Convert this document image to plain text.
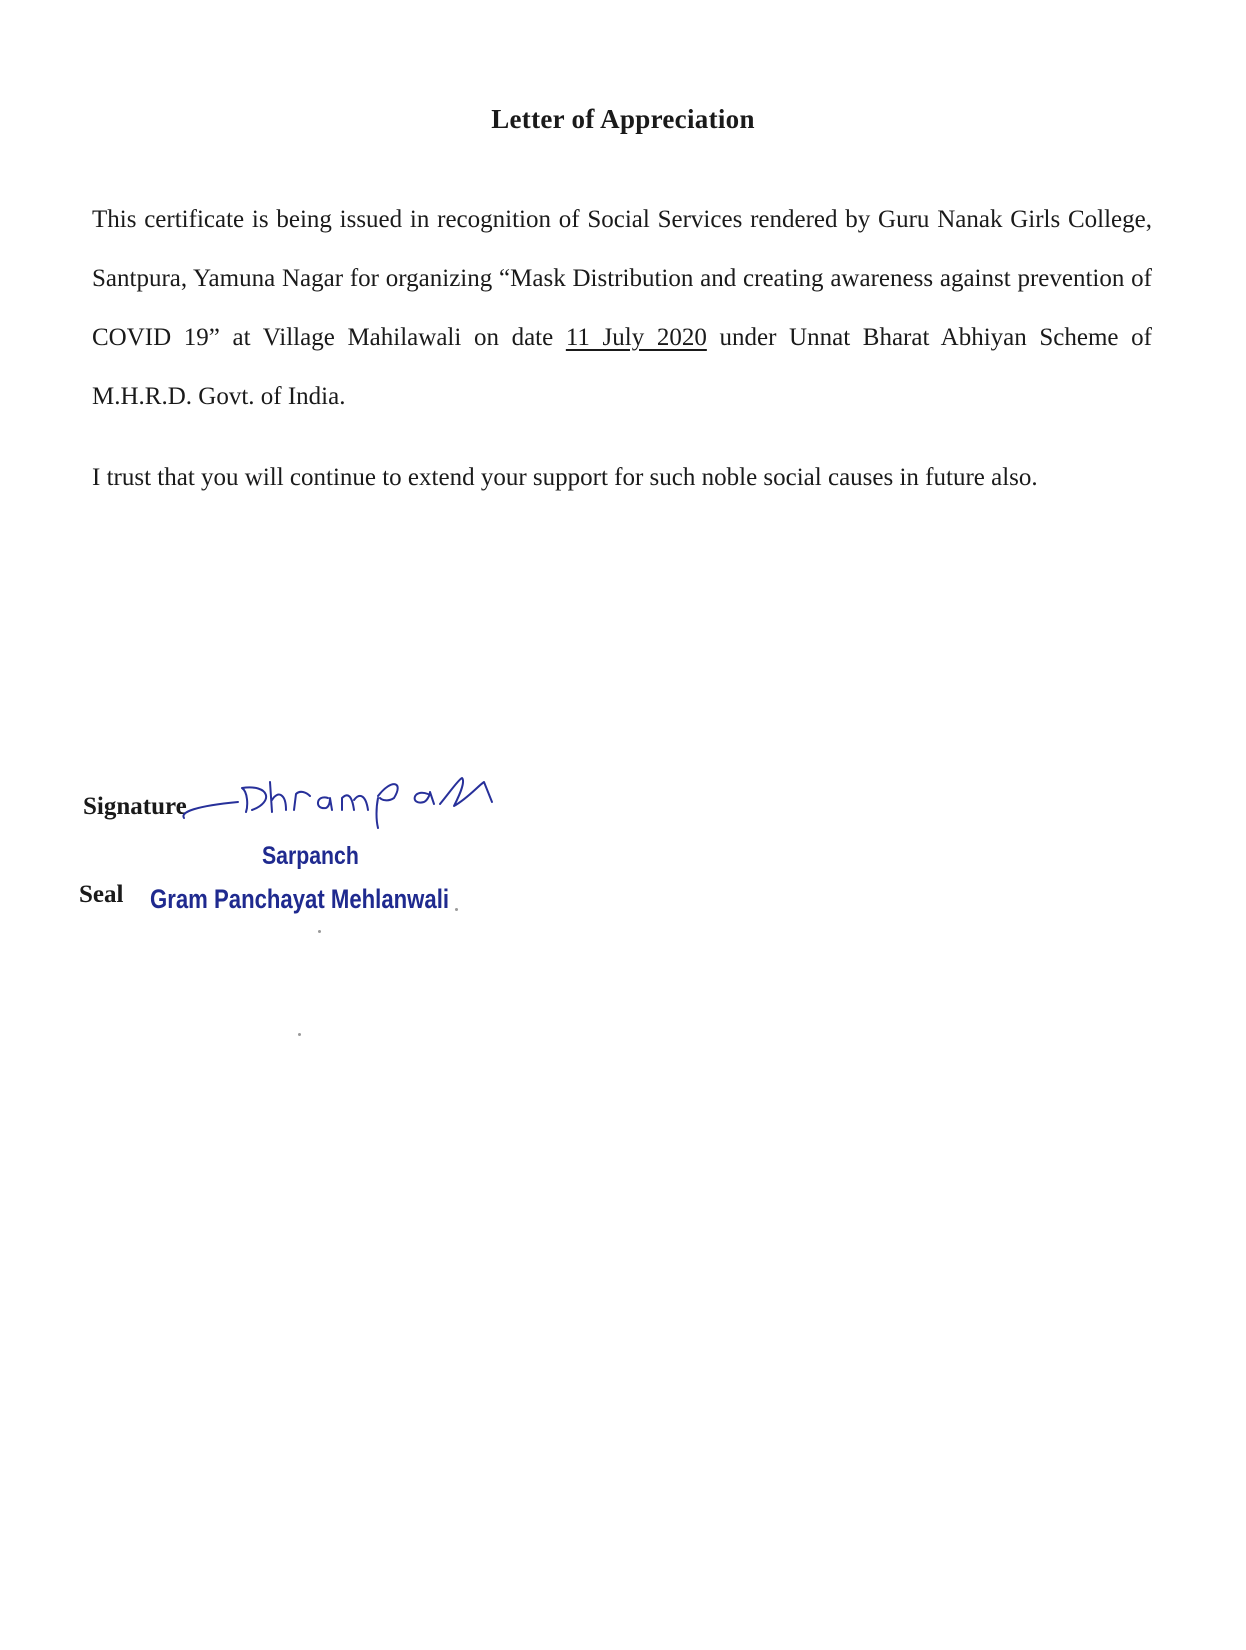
Letter of Appreciation
This certificate is being issued in recognition of Social Services rendered by Guru Nanak Girls College, Santpura, Yamuna Nagar for organizing “Mask Distribution and creating awareness against prevention of COVID 19” at Village Mahilawali on date 11 July 2020 under Unnat Bharat Abhiyan Scheme of M.H.R.D. Govt. of India.
I trust that you will continue to extend your support for such noble social causes in future also.
Signature
Sarpanch
Seal Gram Panchayat Mehlanwali
